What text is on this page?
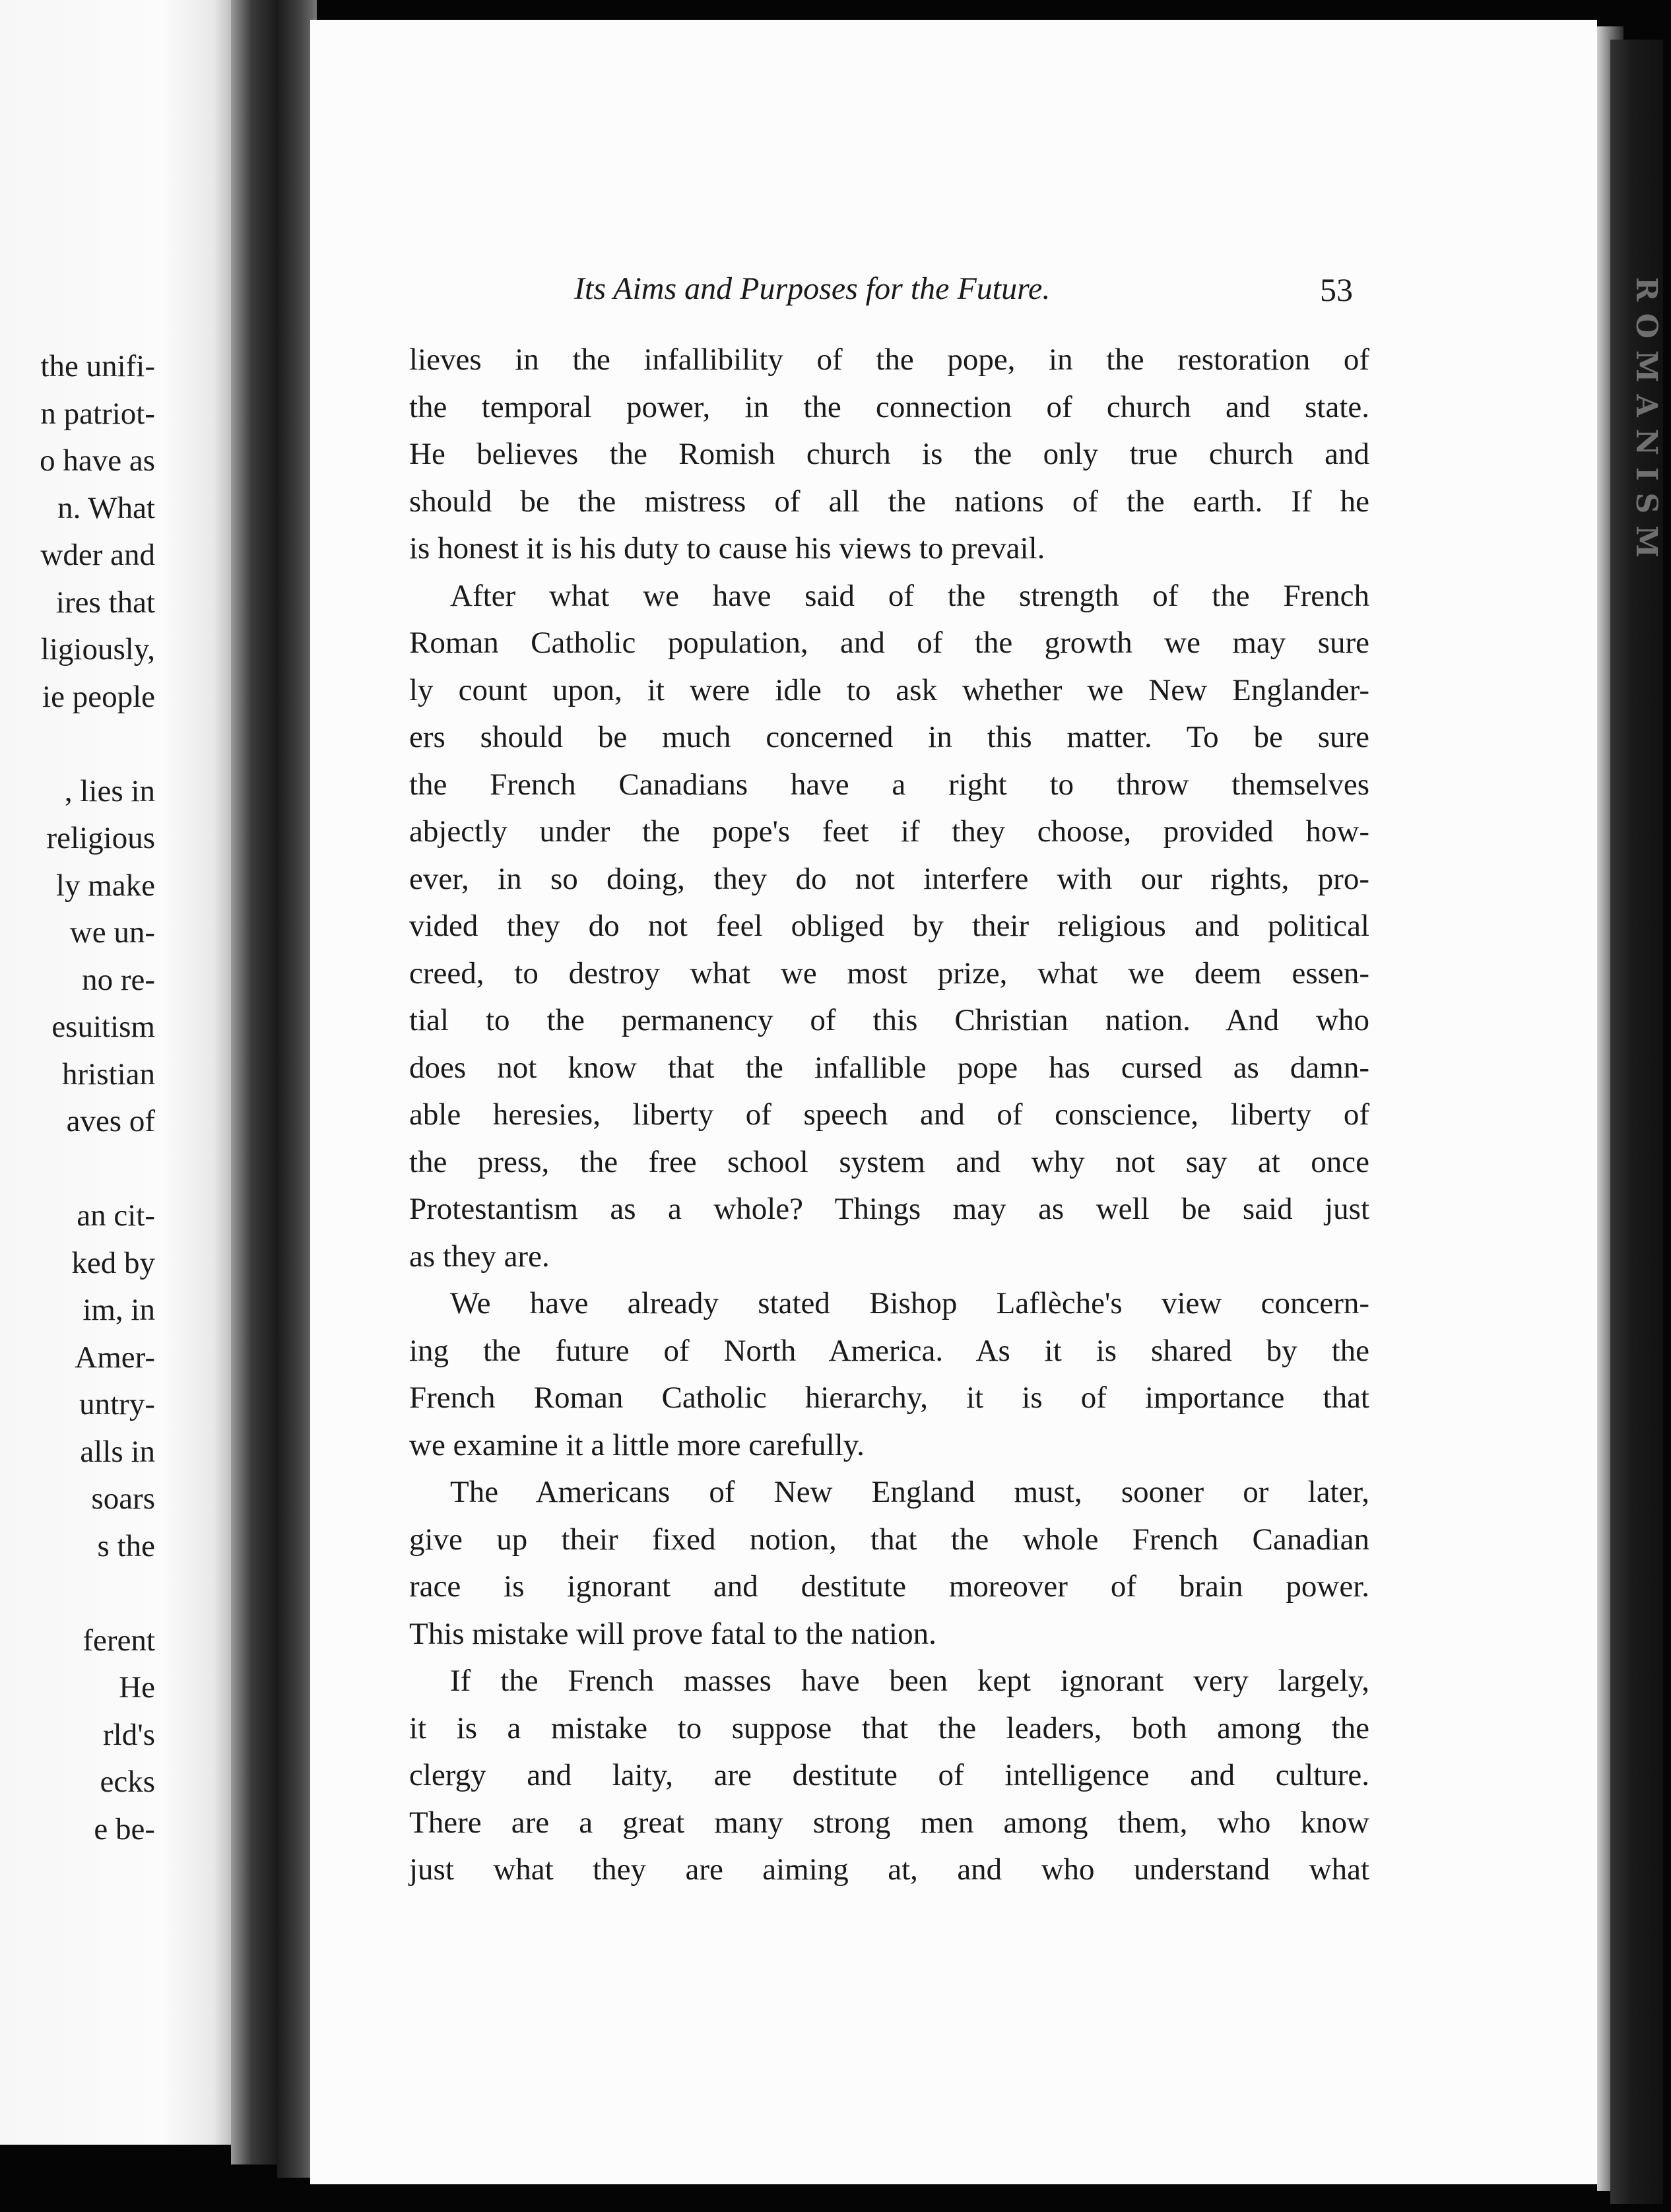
the unifi-
n patriot-
o have as
n. What
wder and
ires that
ligiously,
ie people
, lies in
religious
ly make
we un-
no re-
esuitism
hristian
aves of
an cit-
ked by
im, in
Amer-
untry-
alls in
soars
s the
ferent
He
rld's
ecks
e be-
Its Aims and Purposes for the Future.	53
lieves in the infallibility of the pope, in the restoration of
the temporal power, in the connection of church and state.
He believes the Romish church is the only true church and
should be the mistress of all the nations of the earth. If he
is honest it is his duty to cause his views to prevail.
After what we have said of the strength of the French
Roman Catholic population, and of the growth we may sure
ly count upon, it were idle to ask whether we New Englander-
ers should be much concerned in this matter. To be sure
the French Canadians have a right to throw themselves
abjectly under the pope's feet if they choose, provided how-
ever, in so doing, they do not interfere with our rights, pro-
vided they do not feel obliged by their religious and political
creed, to destroy what we most prize, what we deem essen-
tial to the permanency of this Christian nation. And who
does not know that the infallible pope has cursed as damn-
able heresies, liberty of speech and of conscience, liberty of
the press, the free school system and why not say at once
Protestantism as a whole? Things may as well be said just
as they are.
We have already stated Bishop Laflèche's view concern-
ing the future of North America. As it is shared by the
French Roman Catholic hierarchy, it is of importance that
we examine it a little more carefully.
The Americans of New England must, sooner or later,
give up their fixed notion, that the whole French Canadian
race is ignorant and destitute moreover of brain power.
This mistake will prove fatal to the nation.
If the French masses have been kept ignorant very largely,
it is a mistake to suppose that the leaders, both among the
clergy and laity, are destitute of intelligence and culture.
There are a great many strong men among them, who know
just what they are aiming at, and who understand what
ROMANISM
